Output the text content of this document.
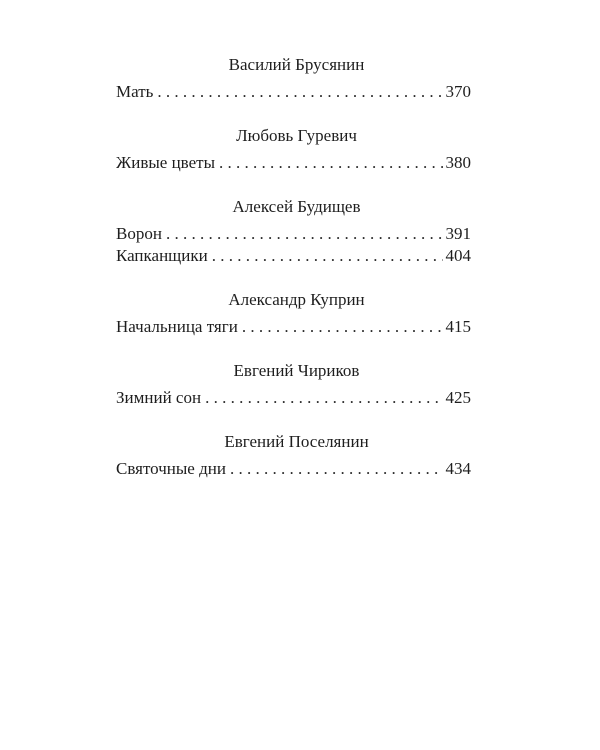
Василий Брусянин
Мать . . .	370
Любовь Гуревич
Живые цветы . . .	380
Алексей Будищев
Ворон . . .	391
Капканщики . . .	404
Александр Куприн
Начальница тяги . . .	415
Евгений Чириков
Зимний сон . . .	425
Евгений Поселянин
Святочные дни . . .	434
